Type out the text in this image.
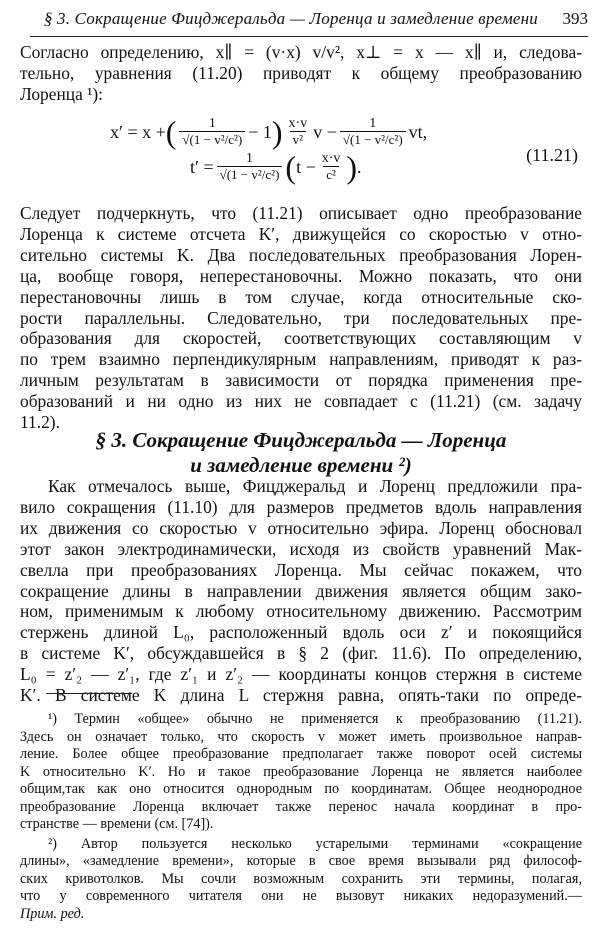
§ 3. Сокращение Фицджеральда — Лоренца и замедление времени 393
Согласно определению, x∥ = (v·x) v/v², x⊥ = x — x∥ и, следова-
тельно, уравнения (11.20) приводят к общему преобразованию
Лоренца ¹):
x′ = x + ( $\frac{1}{\text{√(1 − v²/c²)}} - 1$ ) $\frac{x\cdot v}{\text{v²}}$ $v - \frac{1}{\text{√(1 − v²/c²)}}$ vt,
$t' = \frac{1}{\text{√(1 − v²/c²)}}$ ( $t - \frac{x\cdot v}{\text{c²}}$ ) .
(11.21)
Следует подчеркнуть, что (11.21) описывает одно преобразование
Лоренца к системе отсчета K′, движущейся со скоростью v отно-
сительно системы K. Два последовательных преобразования Лорен-
ца, вообще говоря, неперестановочны. Можно показать, что они
перестановочны лишь в том случае, когда относительные ско-
рости параллельны. Следовательно, три последовательных пре-
образования для скоростей, соответствующих составляющим v
по трем взаимно перпендикулярным направлениям, приводят к раз-
личным результатам в зависимости от порядка применения пре-
образований и ни одно из них не совпадает с (11.21) (см. задачу
11.2).
§ 3. Сокращение Фицджеральда — Лоренца
и замедление времени ²)
Как отмечалось выше, Фицджеральд и Лоренц предложили пра-
вило сокращения (11.10) для размеров предметов вдоль направления
их движения со скоростью v относительно эфира. Лоренц обосновал
этот закон электродинамически, исходя из свойств уравнений Мак-
свелла при преобразованиях Лоренца. Мы сейчас покажем, что
сокращение длины в направлении движения является общим зако-
ном, применимым к любому относительному движению. Рассмотрим
стержень длиной L₀, расположенный вдоль оси z′ и покоящийся
в системе K′, обсуждавшейся в § 2 (фиг. 11.6). По определению,
L₀ = z′₂ — z′₁, где z′₁ и z′₂ — координаты концов стержня в системе
K′. В системе K длина L стержня равна, опять-таки по опреде-
¹) Термин «общее» обычно не применяется к преобразованию (11.21).
Здесь он означает только, что скорость v может иметь произвольное направ-
ление. Более общее преобразование предполагает также поворот осей системы
K относительно K′. Но и такое преобразование Лоренца не является наиболее
общим,так как оно относится однородным по координатам. Общее неоднородное
преобразование Лоренца включает также перенос начала координат в про-
странстве — времени (см. [74]).
²) Автор пользуется несколько устарелыми терминами «сокращение
длины», «замедление времени», которые в свое время вызывали ряд философ-
ских кривотолков. Мы сочли возможным сохранить эти термины, полагая,
что у современного читателя они не вызовут никаких недоразумений.—
Прим. ред.
